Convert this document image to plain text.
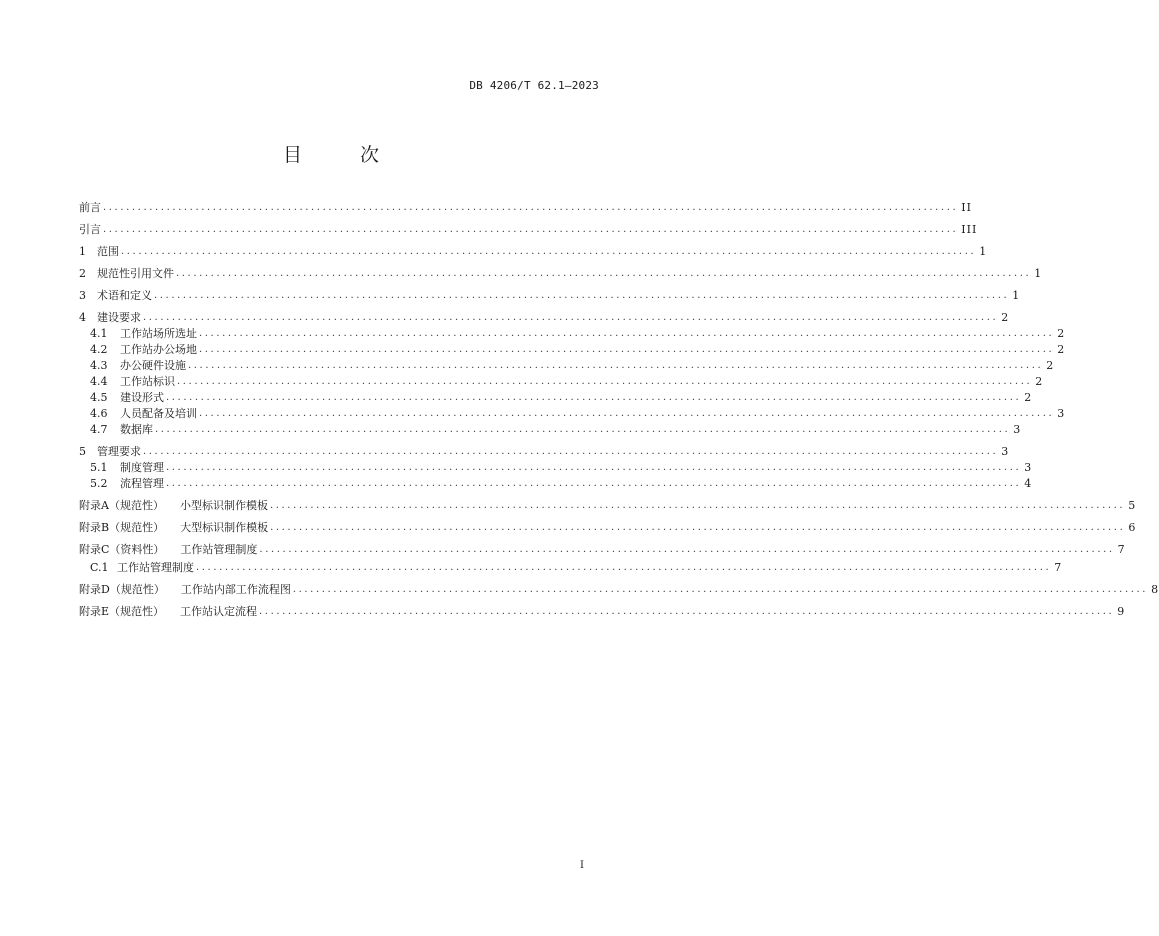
DB 4206/T 62.1—2023
目 次
前言 .................................................................................................................................................... II
引言 .................................................................................................................................................... III
1	范围 .................................................................................................................................................... 1
2	规范性引用文件 .................................................................................................................................................... 1
3	术语和定义 .................................................................................................................................................... 1
4	建设要求 .................................................................................................................................................... 2
4.1	工作站场所选址 .................................................................................................................................................... 2
4.2	工作站办公场地 .................................................................................................................................................... 2
4.3	办公硬件设施 .................................................................................................................................................... 2
4.4	工作站标识 .................................................................................................................................................... 2
4.5	建设形式 .................................................................................................................................................... 2
4.6	人员配备及培训 .................................................................................................................................................... 3
4.7	数据库 .................................................................................................................................................... 3
5	管理要求 .................................................................................................................................................... 3
5.1	制度管理 .................................................................................................................................................... 3
5.2	流程管理 .................................................................................................................................................... 4
附录A（规范性） 小型标识制作模板 .................................................................................................................................................... 5
附录B（规范性） 大型标识制作模板 .................................................................................................................................................... 6
附录C（资料性） 工作站管理制度 .................................................................................................................................................... 7
C.1 工作站管理制度 .................................................................................................................................................... 7
附录D（规范性） 工作站内部工作流程图 .................................................................................................................................................... 8
附录E（规范性） 工作站认定流程 .................................................................................................................................................... 9
I
